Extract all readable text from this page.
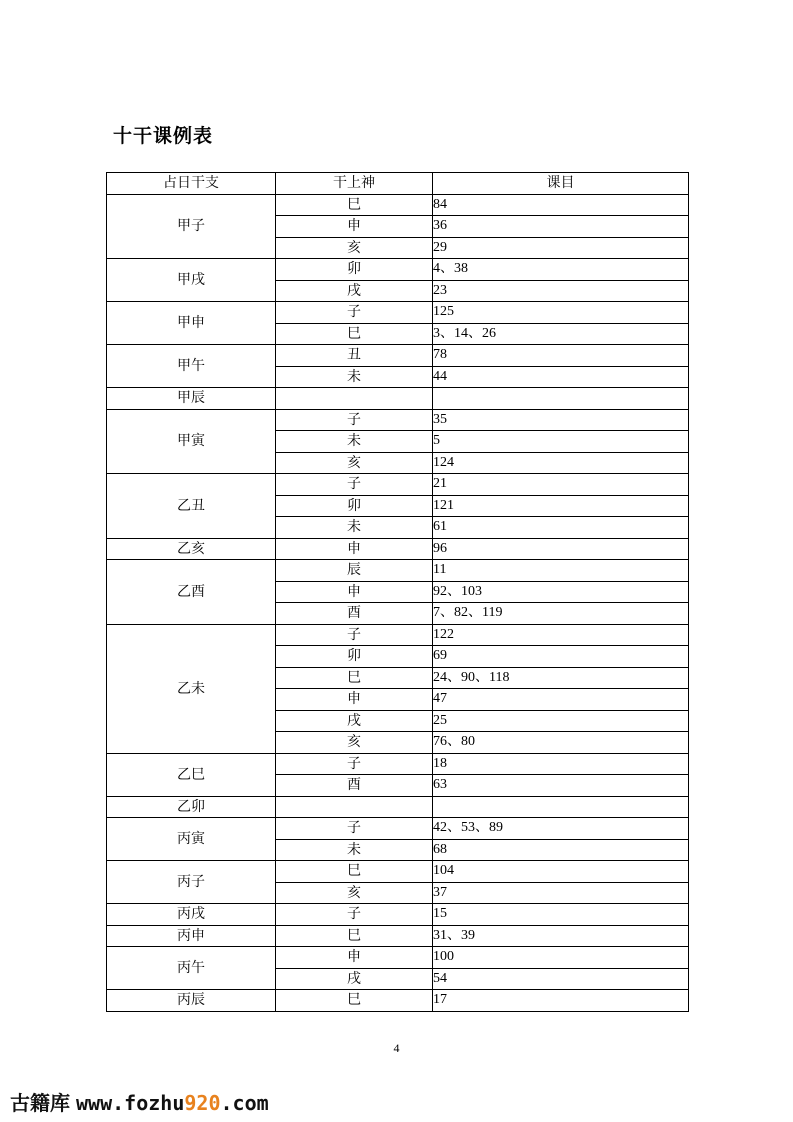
十干课例表
占日干支	干上神	课目
甲子	巳	84
	申	36
	亥	29
甲戌	卯	4、38
	戌	23
甲申	子	125
	巳	3、14、26
甲午	丑	78
	未	44
甲辰		
甲寅	子	35
	未	5
	亥	124
乙丑	子	21
	卯	121
	未	61
乙亥	申	96
乙酉	辰	11
	申	92、103
	酉	7、82、119
乙未	子	122
	卯	69
	巳	24、90、118
	申	47
	戌	25
	亥	76、80
乙巳	子	18
	酉	63
乙卯		
丙寅	子	42、53、89
	未	68
丙子	巳	104
	亥	37
丙戌	子	15
丙申	巳	31、39
丙午	申	100
	戌	54
丙辰	巳	17
4
古籍库 www.fozhu920.com
